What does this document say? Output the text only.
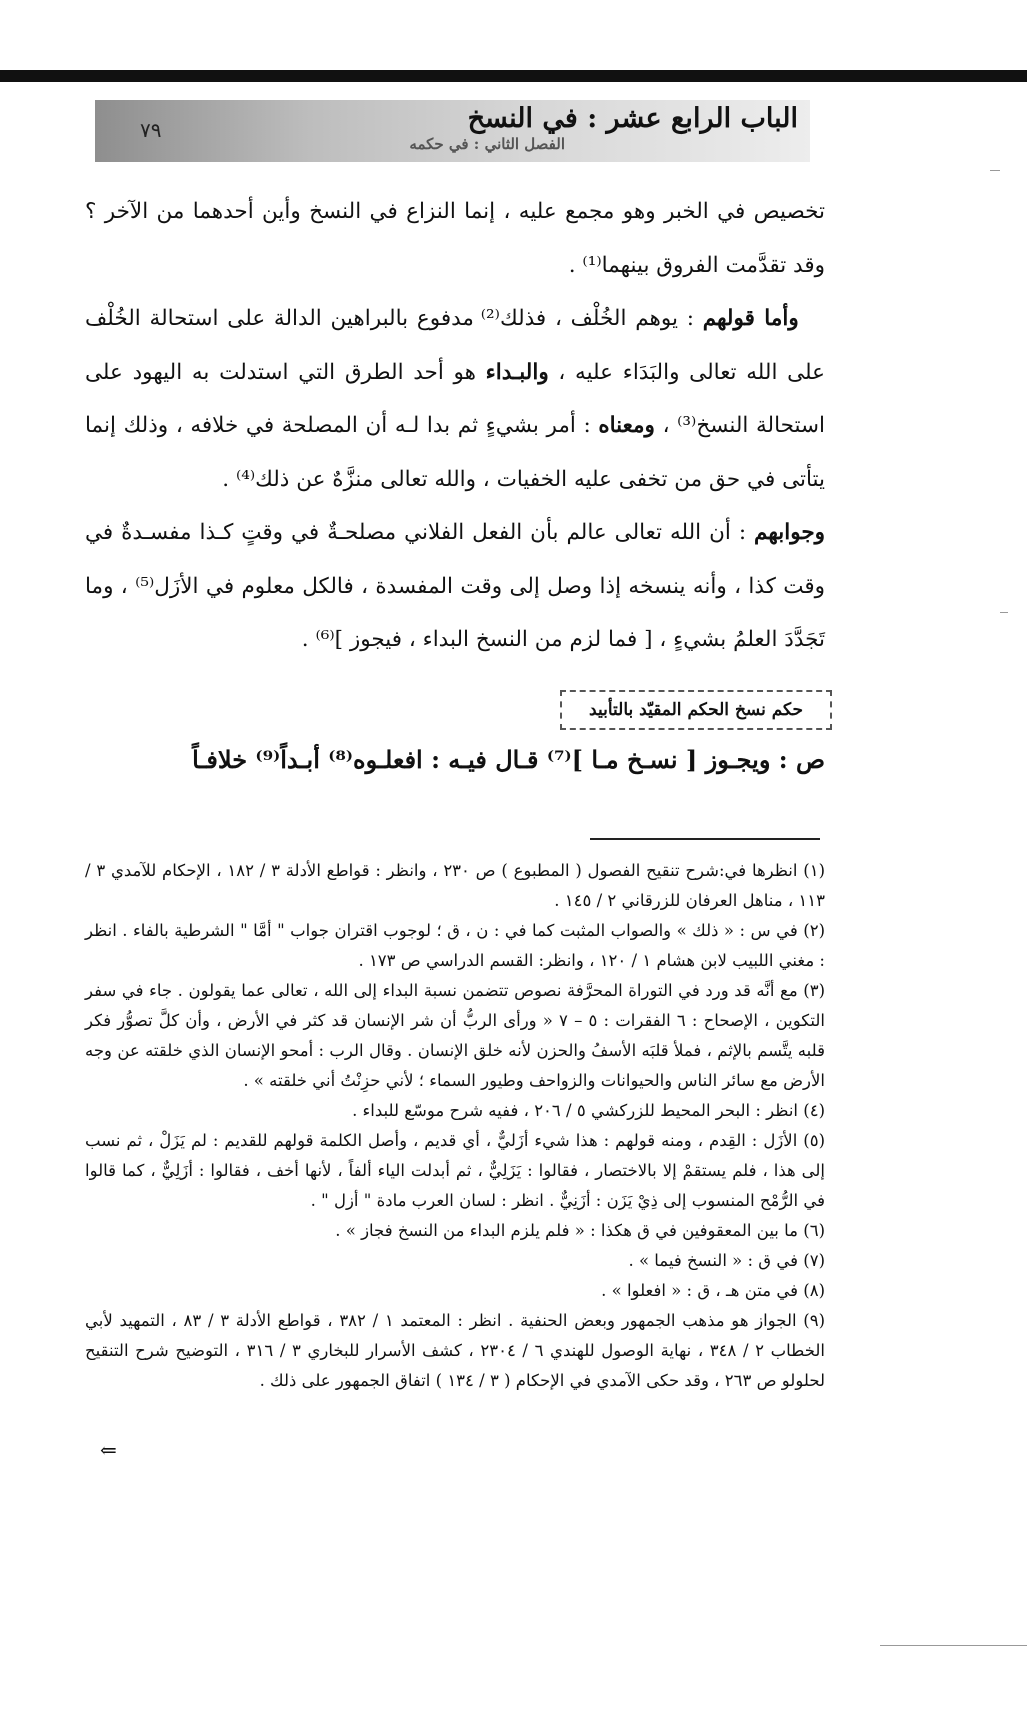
الباب الرابع عشر : في النسخ
الفصل الثاني : في حكمه
٧٩

تخصيص في الخبر وهو مجمع عليه ، إنما النزاع في النسخ وأين أحدهما من الآخر ؟ وقد تقدَّمت الفروق بينهما⁽¹⁾ .

وأما قولهم : يوهم الخُلْف ، فذلك⁽²⁾ مدفوع بالبراهين الدالة على استحالة الخُلْف على الله تعالى والبَدَاء عليه ، والبـداء هو أحد الطرق التي استدلت به اليهود على استحالة النسخ⁽³⁾ ، ومعناه : أمر بشيءٍ ثم بدا لـه أن المصلحة في خلافه ، وذلك إنما يتأتى في حق من تخفى عليه الخفيات ، والله تعالى منزَّهٌ عن ذلك⁽⁴⁾ .

وجوابهم : أن الله تعالى عالم بأن الفعل الفلاني مصلحـةٌ في وقتٍ كـذا مفسـدةٌ في وقت كذا ، وأنه ينسخه إذا وصل إلى وقت المفسدة ، فالكل معلوم في الأزَل⁽⁵⁾ ، وما تَجَدَّدَ العلمُ بشيءٍ ، [ فما لزم من النسخ البداء ، فيجوز ]⁽⁶⁾ .

حكم نسخ الحكم المقيّد بالتأبيد
ص : ويجـوز [ نسـخ مـا ]⁽⁷⁾ قـال فيـه : افعلـوه⁽⁸⁾ أبـداً⁽⁹⁾ خلافـاً

(١) انظرها في:شرح تنقيح الفصول ( المطبوع ) ص ٢٣٠ ، وانظر : قواطع الأدلة ٣ / ١٨٢ ، الإحكام للآمدي ٣ / ١١٣ ، مناهل العرفان للزرقاني ٢ / ١٤٥ .

(٢) في س : « ذلك » والصواب المثبت كما في : ن ، ق ؛ لوجوب اقتران جواب " أمَّا " الشرطية بالفاء . انظر : مغني اللبيب لابن هشام ١ / ١٢٠ ، وانظر: القسم الدراسي ص ١٧٣ .

(٣) مع أنَّه قد ورد في التوراة المحرَّفة نصوص تتضمن نسبة البداء إلى الله ، تعالى عما يقولون . جاء في سفر التكوين ، الإصحاح : ٦ الفقرات : ٥ – ٧ « ورأى الربُّ أن شر الإنسان قد كثر في الأرض ، وأن كلَّ تصوُّر فكر قلبه يتَّسم بالإثم ، فملأ قلبَه الأسفُ والحزن لأنه خلق الإنسان . وقال الرب : أمحو الإنسان الذي خلقته عن وجه الأرض مع سائر الناس والحيوانات والزواحف وطيور السماء ؛ لأني حزِنْتُ أني خلقته » .

(٤) انظر : البحر المحيط للزركشي ٥ / ٢٠٦ ، ففيه شرح موسّع للبداء .

(٥) الأزَل : القِدم ، ومنه قولهم : هذا شيء أزَليٌّ ، أي قديم ، وأصل الكلمة قولهم للقديم : لم يَزَلْ ، ثم نسب إلى هذا ، فلم يستقمْ إلا بالاختصار ، فقالوا : يَزَلِيٌّ ، ثم أبدلت الياء ألفاً ، لأنها أخف ، فقالوا : أزَلِيٌّ ، كما قالوا في الرُّمْح المنسوب إلى ذِيْ يَزَن : أزَنِيٌّ . انظر : لسان العرب مادة " أزل " .

(٦) ما بين المعقوفين في ق هكذا : « فلم يلزم البداء من النسخ فجاز » .

(٧) في ق : « النسخ فيما » .

(٨) في متن هـ ، ق : « افعلوا » .

(٩) الجواز هو مذهب الجمهور وبعض الحنفية . انظر : المعتمد ١ / ٣٨٢ ، قواطع الأدلة ٣ / ٨٣ ، التمهيد لأبي الخطاب ٢ / ٣٤٨ ، نهاية الوصول للهندي ٦ / ٢٣٠٤ ، كشف الأسرار للبخاري ٣ / ٣١٦ ، التوضيح شرح التنقيح لحلولو ص ٢٦٣ ، وقد حكى الآمدي في الإحكام ( ٣ / ١٣٤ ) اتفاق الجمهور على ذلك .

⇐
